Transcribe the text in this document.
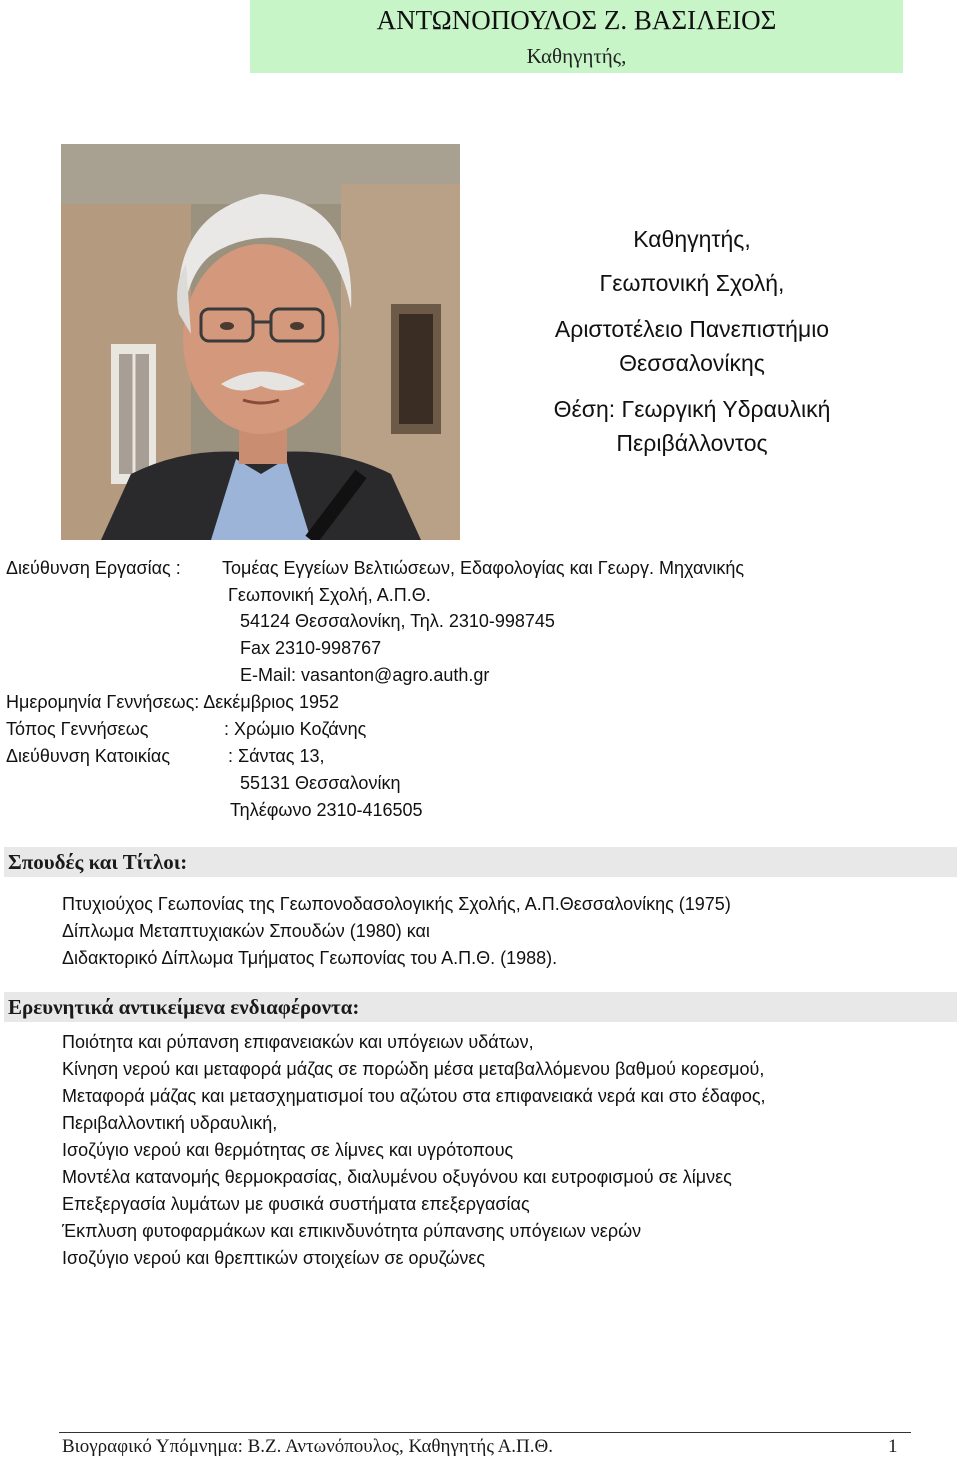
ΑΝΤΩΝΟΠΟΥΛΟΣ Ζ. ΒΑΣΙΛΕΙΟΣ
Καθηγητής,
Καθηγητής,
Γεωπονική Σχολή,
Αριστοτέλειο Πανεπιστήμιο
Θεσσαλονίκης
Θέση: Γεωργική Υδραυλική
Περιβάλλοντος
Διεύθυνση Εργασίας : Τομέας Εγγείων Βελτιώσεων, Εδαφολογίας και Γεωργ. Μηχανικής
Γεωπονική Σχολή, Α.Π.Θ.
54124 Θεσσαλονίκη, Τηλ. 2310-998745
Fax 2310-998767
E-Mail: vasanton@agro.auth.gr
Ημερομηνία Γεννήσεως: Δεκέμβριος 1952
Τόπος Γεννήσεως	: Χρώμιο Κοζάνης
Διεύθυνση Κατοικίας	: Σάντας 13,
55131 Θεσσαλονίκη
Τηλέφωνο 2310-416505
Σπουδές και Τίτλοι:
Πτυχιούχος Γεωπονίας της Γεωπονοδασολογικής Σχολής, Α.Π.Θεσσαλονίκης (1975)
Δίπλωμα Μεταπτυχιακών Σπουδών (1980) και
Διδακτορικό Δίπλωμα Τμήματος Γεωπονίας του Α.Π.Θ. (1988).
Ερευνητικά αντικείμενα ενδιαφέροντα:
Ποιότητα και ρύπανση επιφανειακών και υπόγειων υδάτων,
Κίνηση νερού και μεταφορά μάζας σε πορώδη μέσα μεταβαλλόμενου βαθμού κορεσμού,
Μεταφορά μάζας και μετασχηματισμοί του αζώτου στα επιφανειακά νερά και στο έδαφος,
Περιβαλλοντική υδραυλική,
Ισοζύγιο νερού και θερμότητας σε λίμνες και υγρότοπους
Μοντέλα κατανομής θερμοκρασίας, διαλυμένου οξυγόνου και ευτροφισμού σε λίμνες
Επεξεργασία λυμάτων με φυσικά συστήματα επεξεργασίας
Έκπλυση φυτοφαρμάκων και επικινδυνότητα ρύπανσης υπόγειων νερών
Ισοζύγιο νερού και θρεπτικών στοιχείων σε ορυζώνες
Βιογραφικό Υπόμνημα: Β.Ζ. Αντωνόπουλος, Καθηγητής Α.Π.Θ.	1
